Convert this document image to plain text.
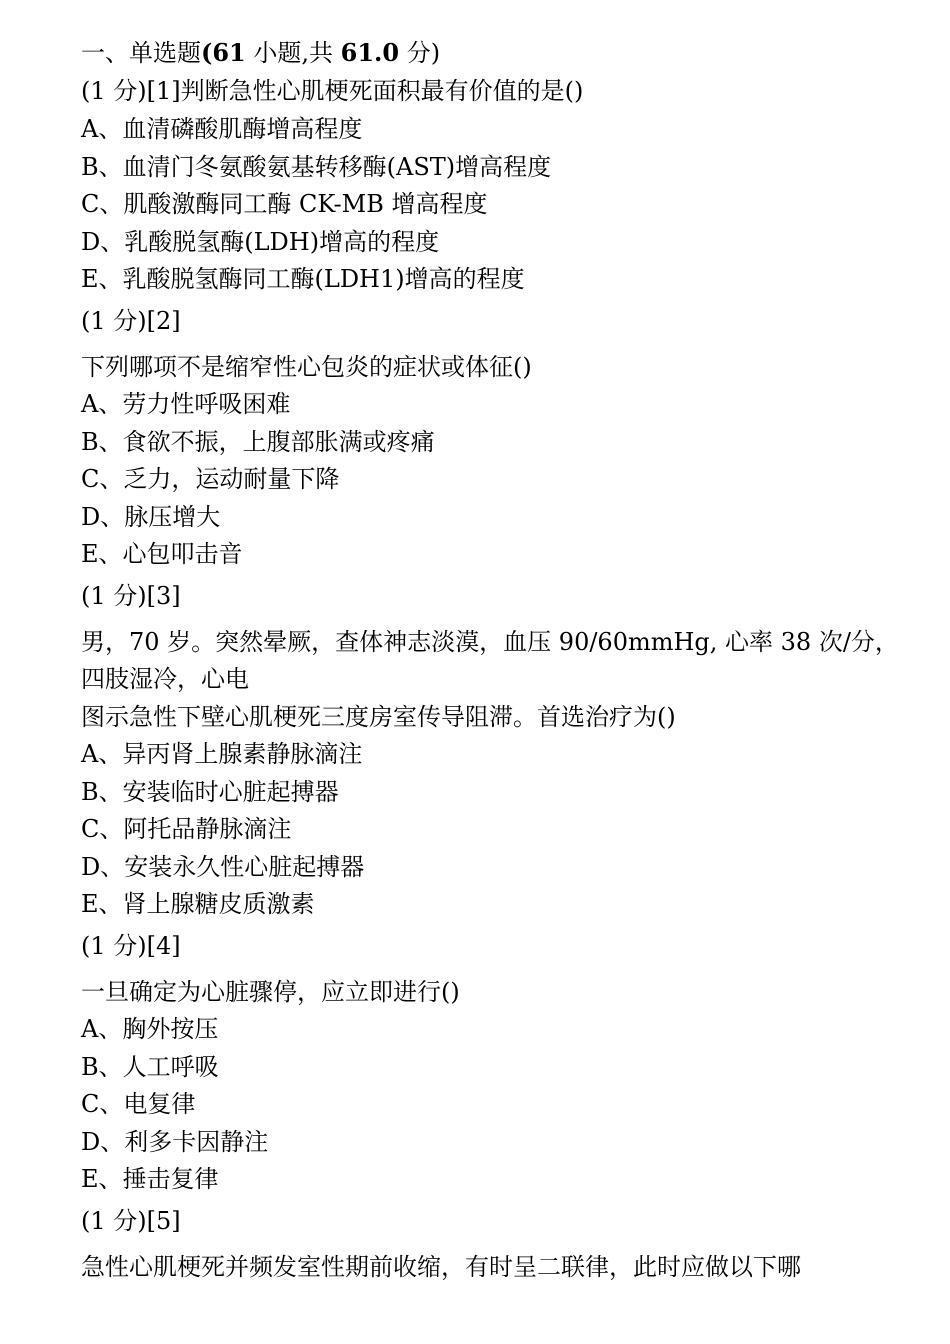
一、单选题(61 小题,共 61.0 分)
(1 分)[1]判断急性心肌梗死面积最有价值的是()
A、血清磷酸肌酶增高程度
B、血清门冬氨酸氨基转移酶(AST)增高程度
C、肌酸激酶同工酶 CK-MB 增高程度
D、乳酸脱氢酶(LDH)增高的程度
E、乳酸脱氢酶同工酶(LDH1)增高的程度
(1 分)[2]
下列哪项不是缩窄性心包炎的症状或体征()
A、劳力性呼吸困难
B、食欲不振，上腹部胀满或疼痛
C、乏力，运动耐量下降
D、脉压增大
E、心包叩击音
(1 分)[3]
男，70 岁。突然晕厥，查体神志淡漠，血压 90/60mmHg, 心率 38 次/分，
四肢湿冷，心电
图示急性下壁心肌梗死三度房室传导阻滞。首选治疗为()
A、异丙肾上腺素静脉滴注
B、安装临时心脏起搏器
C、阿托品静脉滴注
D、安装永久性心脏起搏器
E、肾上腺糖皮质激素
(1 分)[4]
一旦确定为心脏骤停，应立即进行()
A、胸外按压
B、人工呼吸
C、电复律
D、利多卡因静注
E、捶击复律
(1 分)[5]
急性心肌梗死并频发室性期前收缩，有时呈二联律，此时应做以下哪
